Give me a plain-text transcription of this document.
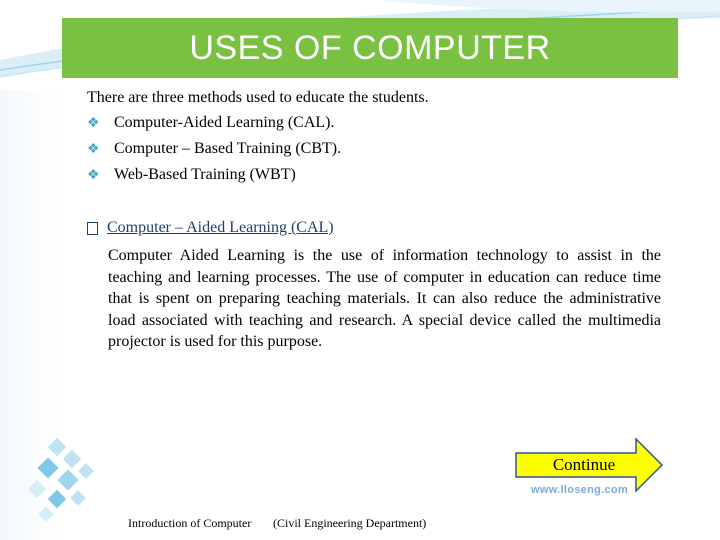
USES OF COMPUTER
There are three methods used to educate the students.
❖ Computer-Aided Learning (CAL).
❖ Computer – Based Training (CBT).
❖ Web-Based Training (WBT)
Computer – Aided Learning (CAL)

Computer Aided Learning is the use of information technology to assist in the teaching and learning processes. The use of computer in education can reduce time that is spent on preparing teaching materials. It can also reduce the administrative load associated with teaching and research. A special device called the multimedia projector is used for this purpose.

Continue
www.lloseng.com
Introduction of Computer (Civil Engineering Department)
